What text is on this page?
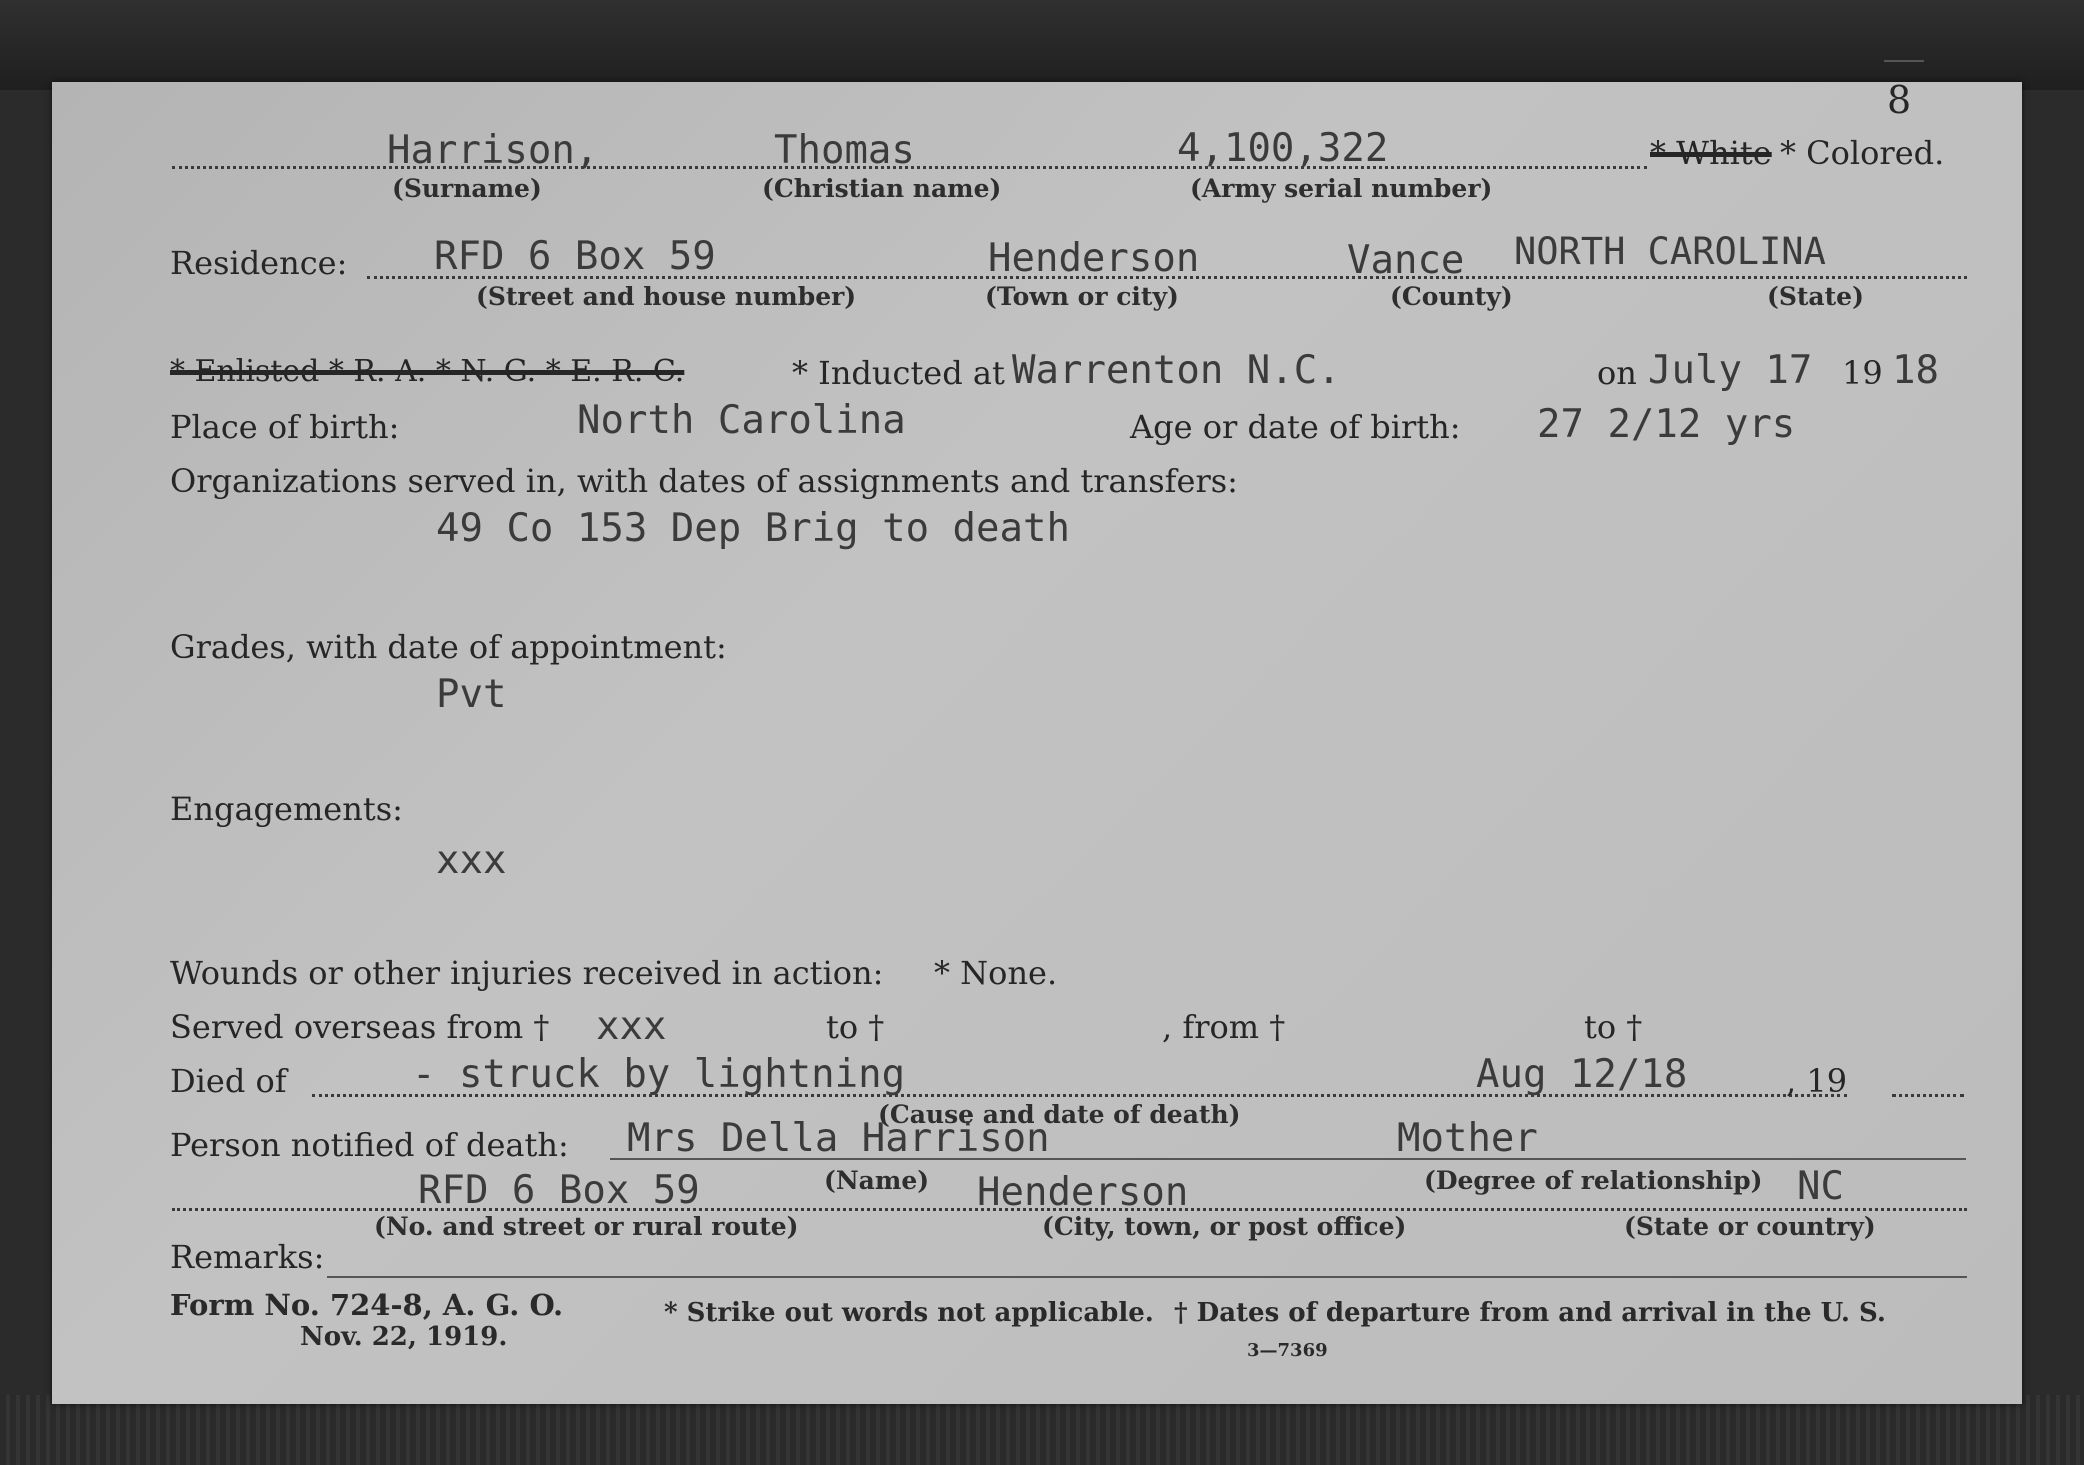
8
Harrison,	Thomas	4,100,322	* White * Colored.
(Surname)	(Christian name)	(Army serial number)
Residence: RFD 6 Box 59	Henderson	Vance NORTH CAROLINA
(Street and house number)	(Town or city)	(County)	(State)
* Enlisted * R. A. * N. G. * E. R. C.	* Inducted at Warrenton N.C.	on July 17 19 18
Place of birth:	North Carolina	Age or date of birth: 27 2/12 yrs
Organizations served in, with dates of assignments and transfers:
49 Co 153 Dep Brig to death
Grades, with date of appointment:
Pvt
Engagements:
xxx
Wounds or other injuries received in action: * None.
Served overseas from † xxx	to †	, from †	to †
Died of	- struck by lightning	Aug 12/18	, 19
(Cause and date of death)
Person notified of death: Mrs Della Harrison	Mother
(Name)	(Degree of relationship)
RFD 6 Box 59	Henderson	NC
(No. and street or rural route)	(City, town, or post office)	(State or country)
Remarks:
Form No. 724-8, A. G. O.
Nov. 22, 1919.
* Strike out words not applicable. † Dates of departure from and arrival in the U. S.
3—7369
